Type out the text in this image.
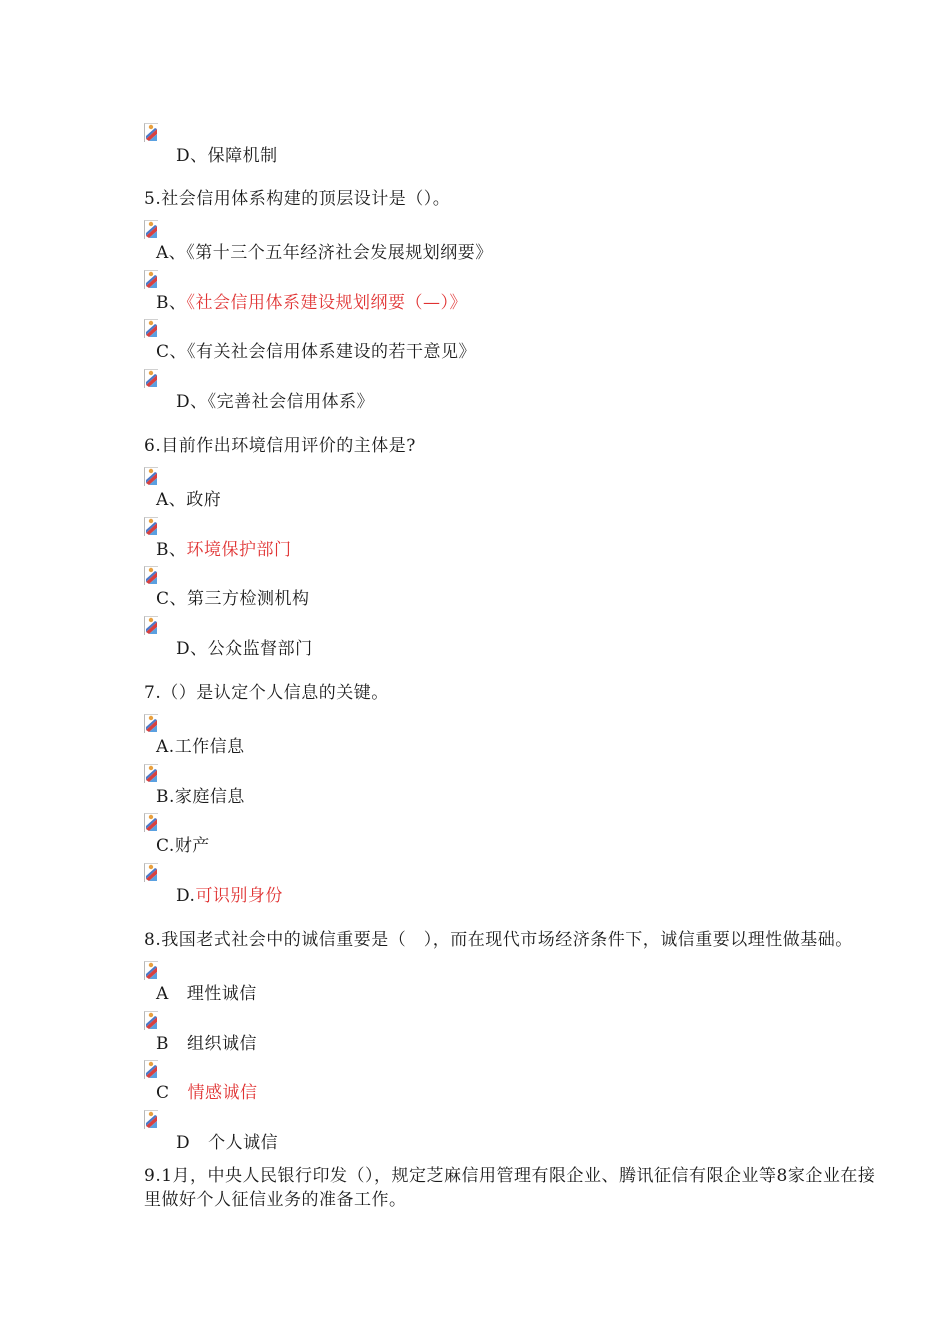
D、保障机制
5.社会信用体系构建的顶层设计是（）。
A、《第十三个五年经济社会发展规划纲要》
B、《社会信用体系建设规划纲要（—）》
C、《有关社会信用体系建设的若干意见》
D、《完善社会信用体系》
6.目前作出环境信用评价的主体是?
A、政府
B、环境保护部门
C、第三方检测机构
D、公众监督部门
7.（）是认定个人信息的关键。
A.工作信息
B.家庭信息
C.财产
D.可识别身份
8.我国老式社会中的诚信重要是（　），而在现代市场经济条件下，诚信重要以理性做基础。
A 理性诚信
B 组织诚信
C 情感诚信
D 个人诚信
9.1月，中央人民银行印发（），规定芝麻信用管理有限企业、腾讯征信有限企业等8家企业在接
里做好个人征信业务的准备工作。
